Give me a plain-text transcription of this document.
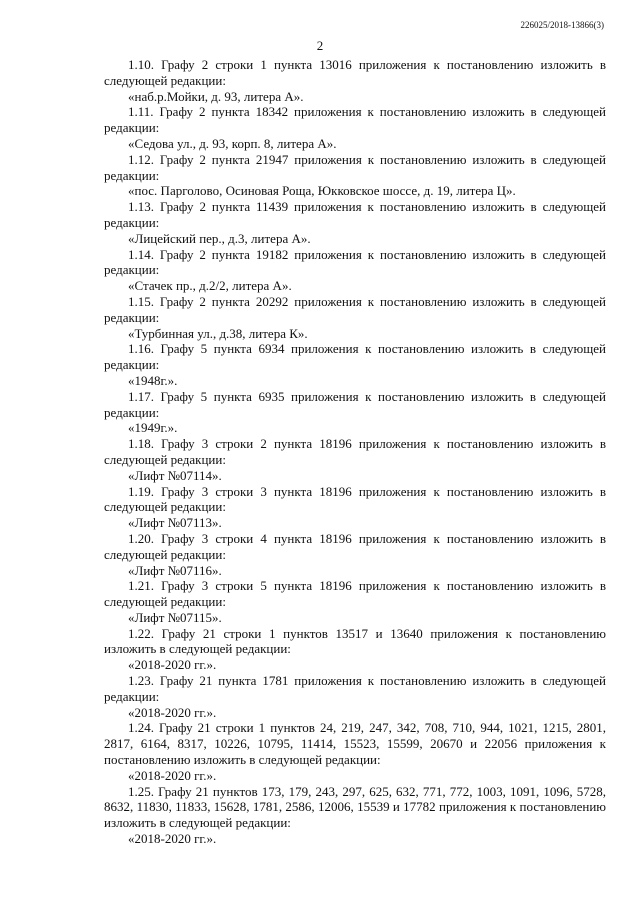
226025/2018-13866(3)
2

1.10. Графу 2 строки 1 пункта 13016 приложения к постановлению изложить в следующей редакции:

«наб.р.Мойки, д. 93, литера А».

1.11. Графу 2 пункта 18342 приложения к постановлению изложить в следующей редакции:

«Седова ул., д. 93, корп. 8, литера А».

1.12. Графу 2 пункта 21947 приложения к постановлению изложить в следующей редакции:

«пос. Парголово, Осиновая Роща, Юкковское шоссе, д. 19, литера Ц».

1.13. Графу 2 пункта 11439 приложения к постановлению изложить в следующей редакции:

«Лицейский пер., д.3, литера А».

1.14. Графу 2 пункта 19182 приложения к постановлению изложить в следующей редакции:

«Стачек пр., д.2/2, литера А».

1.15. Графу 2 пункта 20292 приложения к постановлению изложить в следующей редакции:

«Турбинная ул., д.38, литера К».

1.16. Графу 5 пункта 6934 приложения к постановлению изложить в следующей редакции:

«1948г.».

1.17. Графу 5 пункта 6935 приложения к постановлению изложить в следующей редакции:

«1949г.».

1.18. Графу 3 строки 2 пункта 18196 приложения к постановлению изложить в следующей редакции:

«Лифт №07114».

1.19. Графу 3 строки 3 пункта 18196 приложения к постановлению изложить в следующей редакции:

«Лифт №07113».

1.20. Графу 3 строки 4 пункта 18196 приложения к постановлению изложить в следующей редакции:

«Лифт №07116».

1.21. Графу 3 строки 5 пункта 18196 приложения к постановлению изложить в следующей редакции:

«Лифт №07115».

1.22. Графу 21 строки 1 пунктов 13517 и 13640 приложения к постановлению изложить в следующей редакции:

«2018-2020 гг.».

1.23. Графу 21 пункта 1781 приложения к постановлению изложить в следующей редакции:

«2018-2020 гг.».

1.24. Графу 21 строки 1 пунктов 24, 219, 247, 342, 708, 710, 944, 1021, 1215, 2801, 2817, 6164, 8317, 10226, 10795, 11414, 15523, 15599, 20670 и 22056 приложения к постановлению изложить в следующей редакции:

«2018-2020 гг.».

1.25. Графу 21 пунктов 173, 179, 243, 297, 625, 632, 771, 772, 1003, 1091, 1096, 5728, 8632, 11830, 11833, 15628, 1781, 2586, 12006, 15539 и 17782 приложения к постановлению изложить в следующей редакции:

«2018-2020 гг.».
